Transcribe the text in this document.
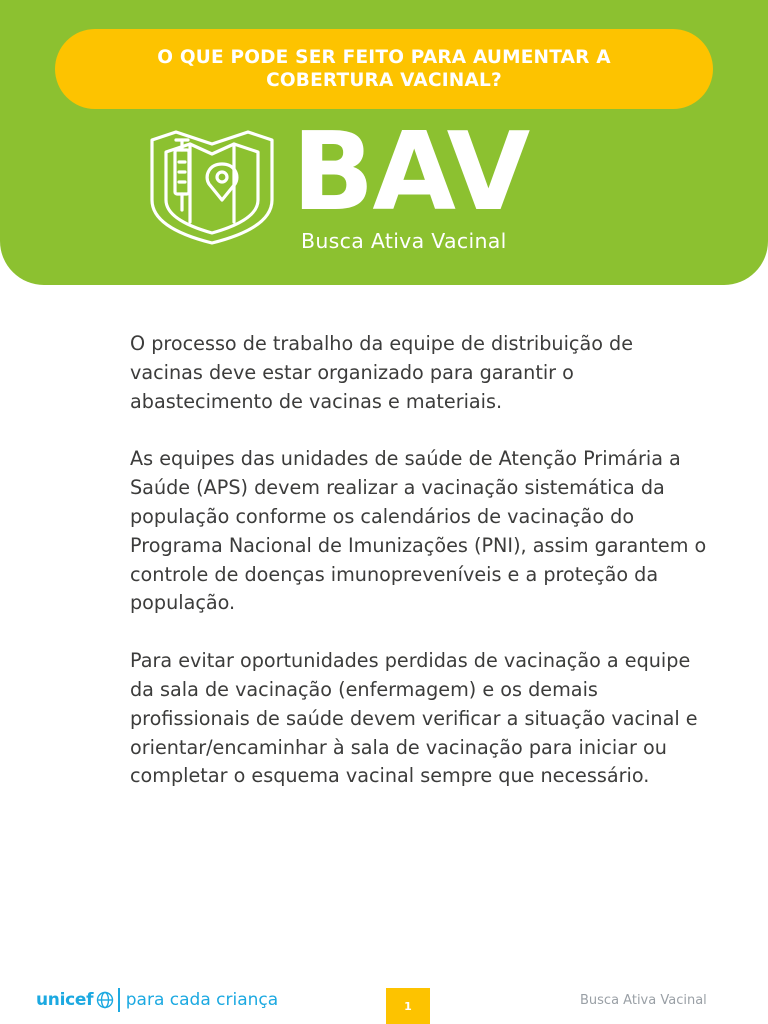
O QUE PODE SER FEITO PARA AUMENTAR A COBERTURA VACINAL?
BAV
Busca Ativa Vacinal

O processo de trabalho da equipe de distribuição de vacinas deve estar organizado para garantir o abastecimento de vacinas e materiais.

As equipes das unidades de saúde de Atenção Primária a Saúde (APS) devem realizar a vacinação sistemática da população conforme os calendários de vacinação do Programa Nacional de Imunizações (PNI), assim garantem o controle de doenças imunopreveníveis e a proteção da população.

Para evitar oportunidades perdidas de vacinação a equipe da sala de vacinação (enfermagem) e os demais profissionais de saúde devem verificar a situação vacinal e orientar/encaminhar à sala de vacinação para iniciar ou completar o esquema vacinal sempre que necessário.

unicef para cada criança	1	Busca Ativa Vacinal
